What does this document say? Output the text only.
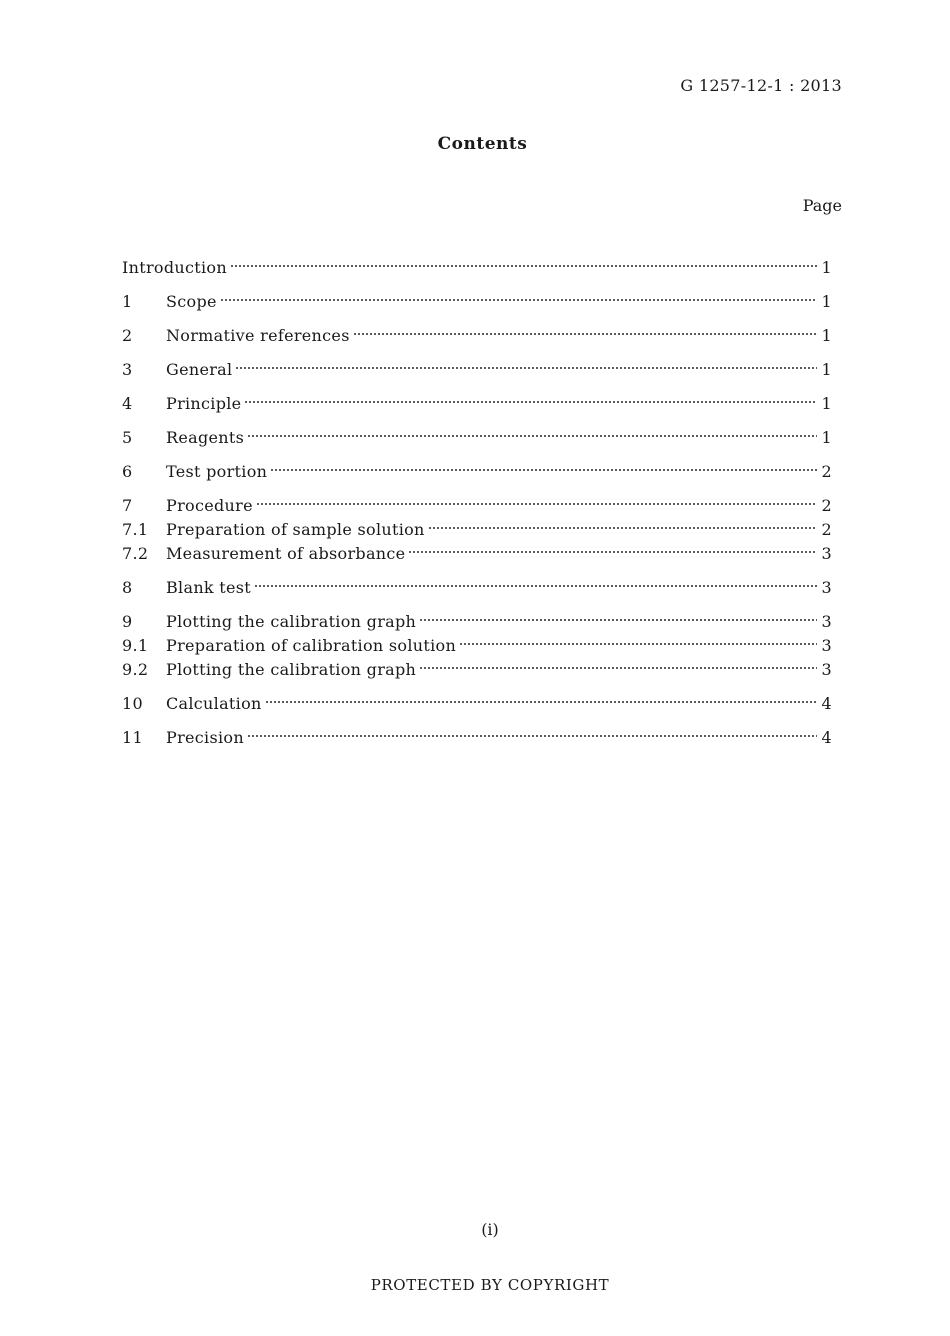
G 1257-12-1 : 2013
Contents
Page
Introduction	1
1	Scope	1
2	Normative references	1
3	General	1
4	Principle	1
5	Reagents	1
6	Test portion	2
7	Procedure	2
7.1	Preparation of sample solution	2
7.2	Measurement of absorbance	3
8	Blank test	3
9	Plotting the calibration graph	3
9.1	Preparation of calibration solution	3
9.2	Plotting the calibration graph	3
10	Calculation	4
11	Precision	4
(i)
PROTECTED BY COPYRIGHT
